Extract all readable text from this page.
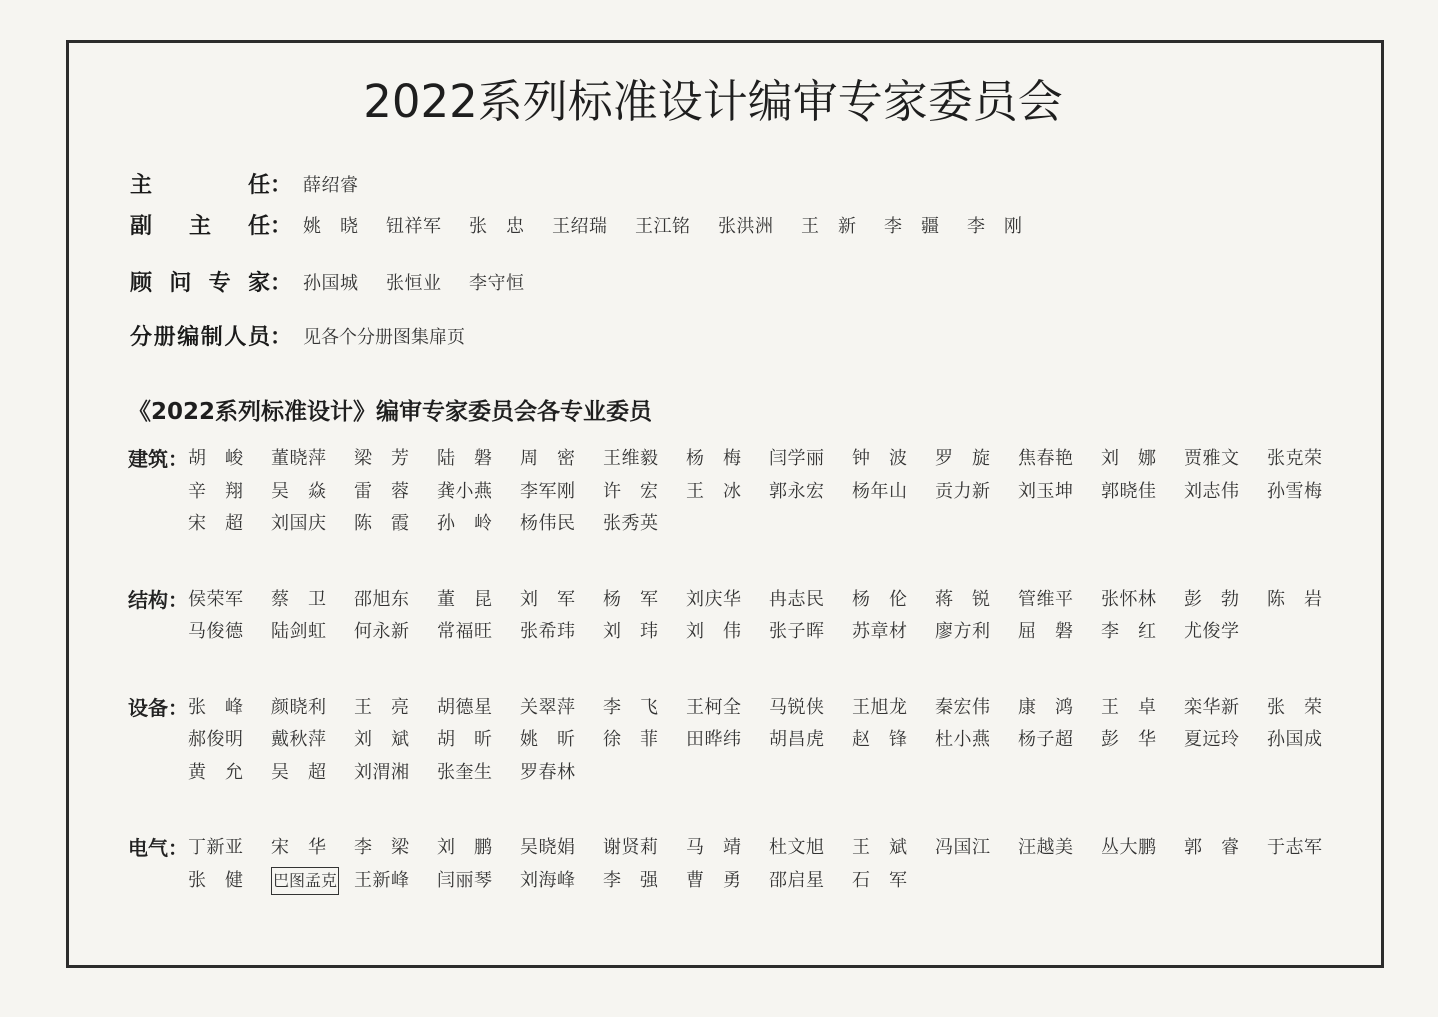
2022系列标准设计编审专家委员会
主任 ： 薛绍睿
副主任 ： 姚晓 钮祥军 张忠 王绍瑞 王江铭 张洪洲 王新 李疆 李刚
顾问专家 ： 孙国城 张恒业 李守恒
分册编制人员 ： 见各个分册图集扉页
《2022系列标准设计》编审专家委员会各专业委员
建筑： 胡峻 董晓萍 梁芳 陆磐 周密 王维毅 杨梅 闫学丽 钟波 罗旋 焦春艳 刘娜 贾雅文 张克荣
辛翔 吴焱 雷蓉 龚小燕 李军刚 许宏 王冰 郭永宏 杨年山 贡力新 刘玉坤 郭晓佳 刘志伟 孙雪梅
宋超 刘国庆 陈霞 孙岭 杨伟民 张秀英
结构： 侯荣军 蔡卫 邵旭东 董昆 刘军 杨军 刘庆华 冉志民 杨伦 蒋锐 管维平 张怀林 彭勃 陈岩
马俊德 陆剑虹 何永新 常福旺 张希玮 刘玮 刘伟 张子晖 苏章材 廖方利 屈磐 李红 尤俊学
设备： 张峰 颜晓利 王亮 胡德星 关翠萍 李飞 王柯全 马锐侠 王旭龙 秦宏伟 康鸿 王卓 栾华新 张荣
郝俊明 戴秋萍 刘斌 胡昕 姚昕 徐菲 田晔纬 胡昌虎 赵锋 杜小燕 杨子超 彭华 夏远玲 孙国成
黄允 吴超 刘渭湘 张奎生 罗春林
电气： 丁新亚 宋华 李梁 刘鹏 吴晓娟 谢贤莉 马靖 杜文旭 王斌 冯国江 汪越美 丛大鹏 郭睿 于志军
张健 巴图孟克 王新峰 闫丽琴 刘海峰 李强 曹勇 邵启星 石军
